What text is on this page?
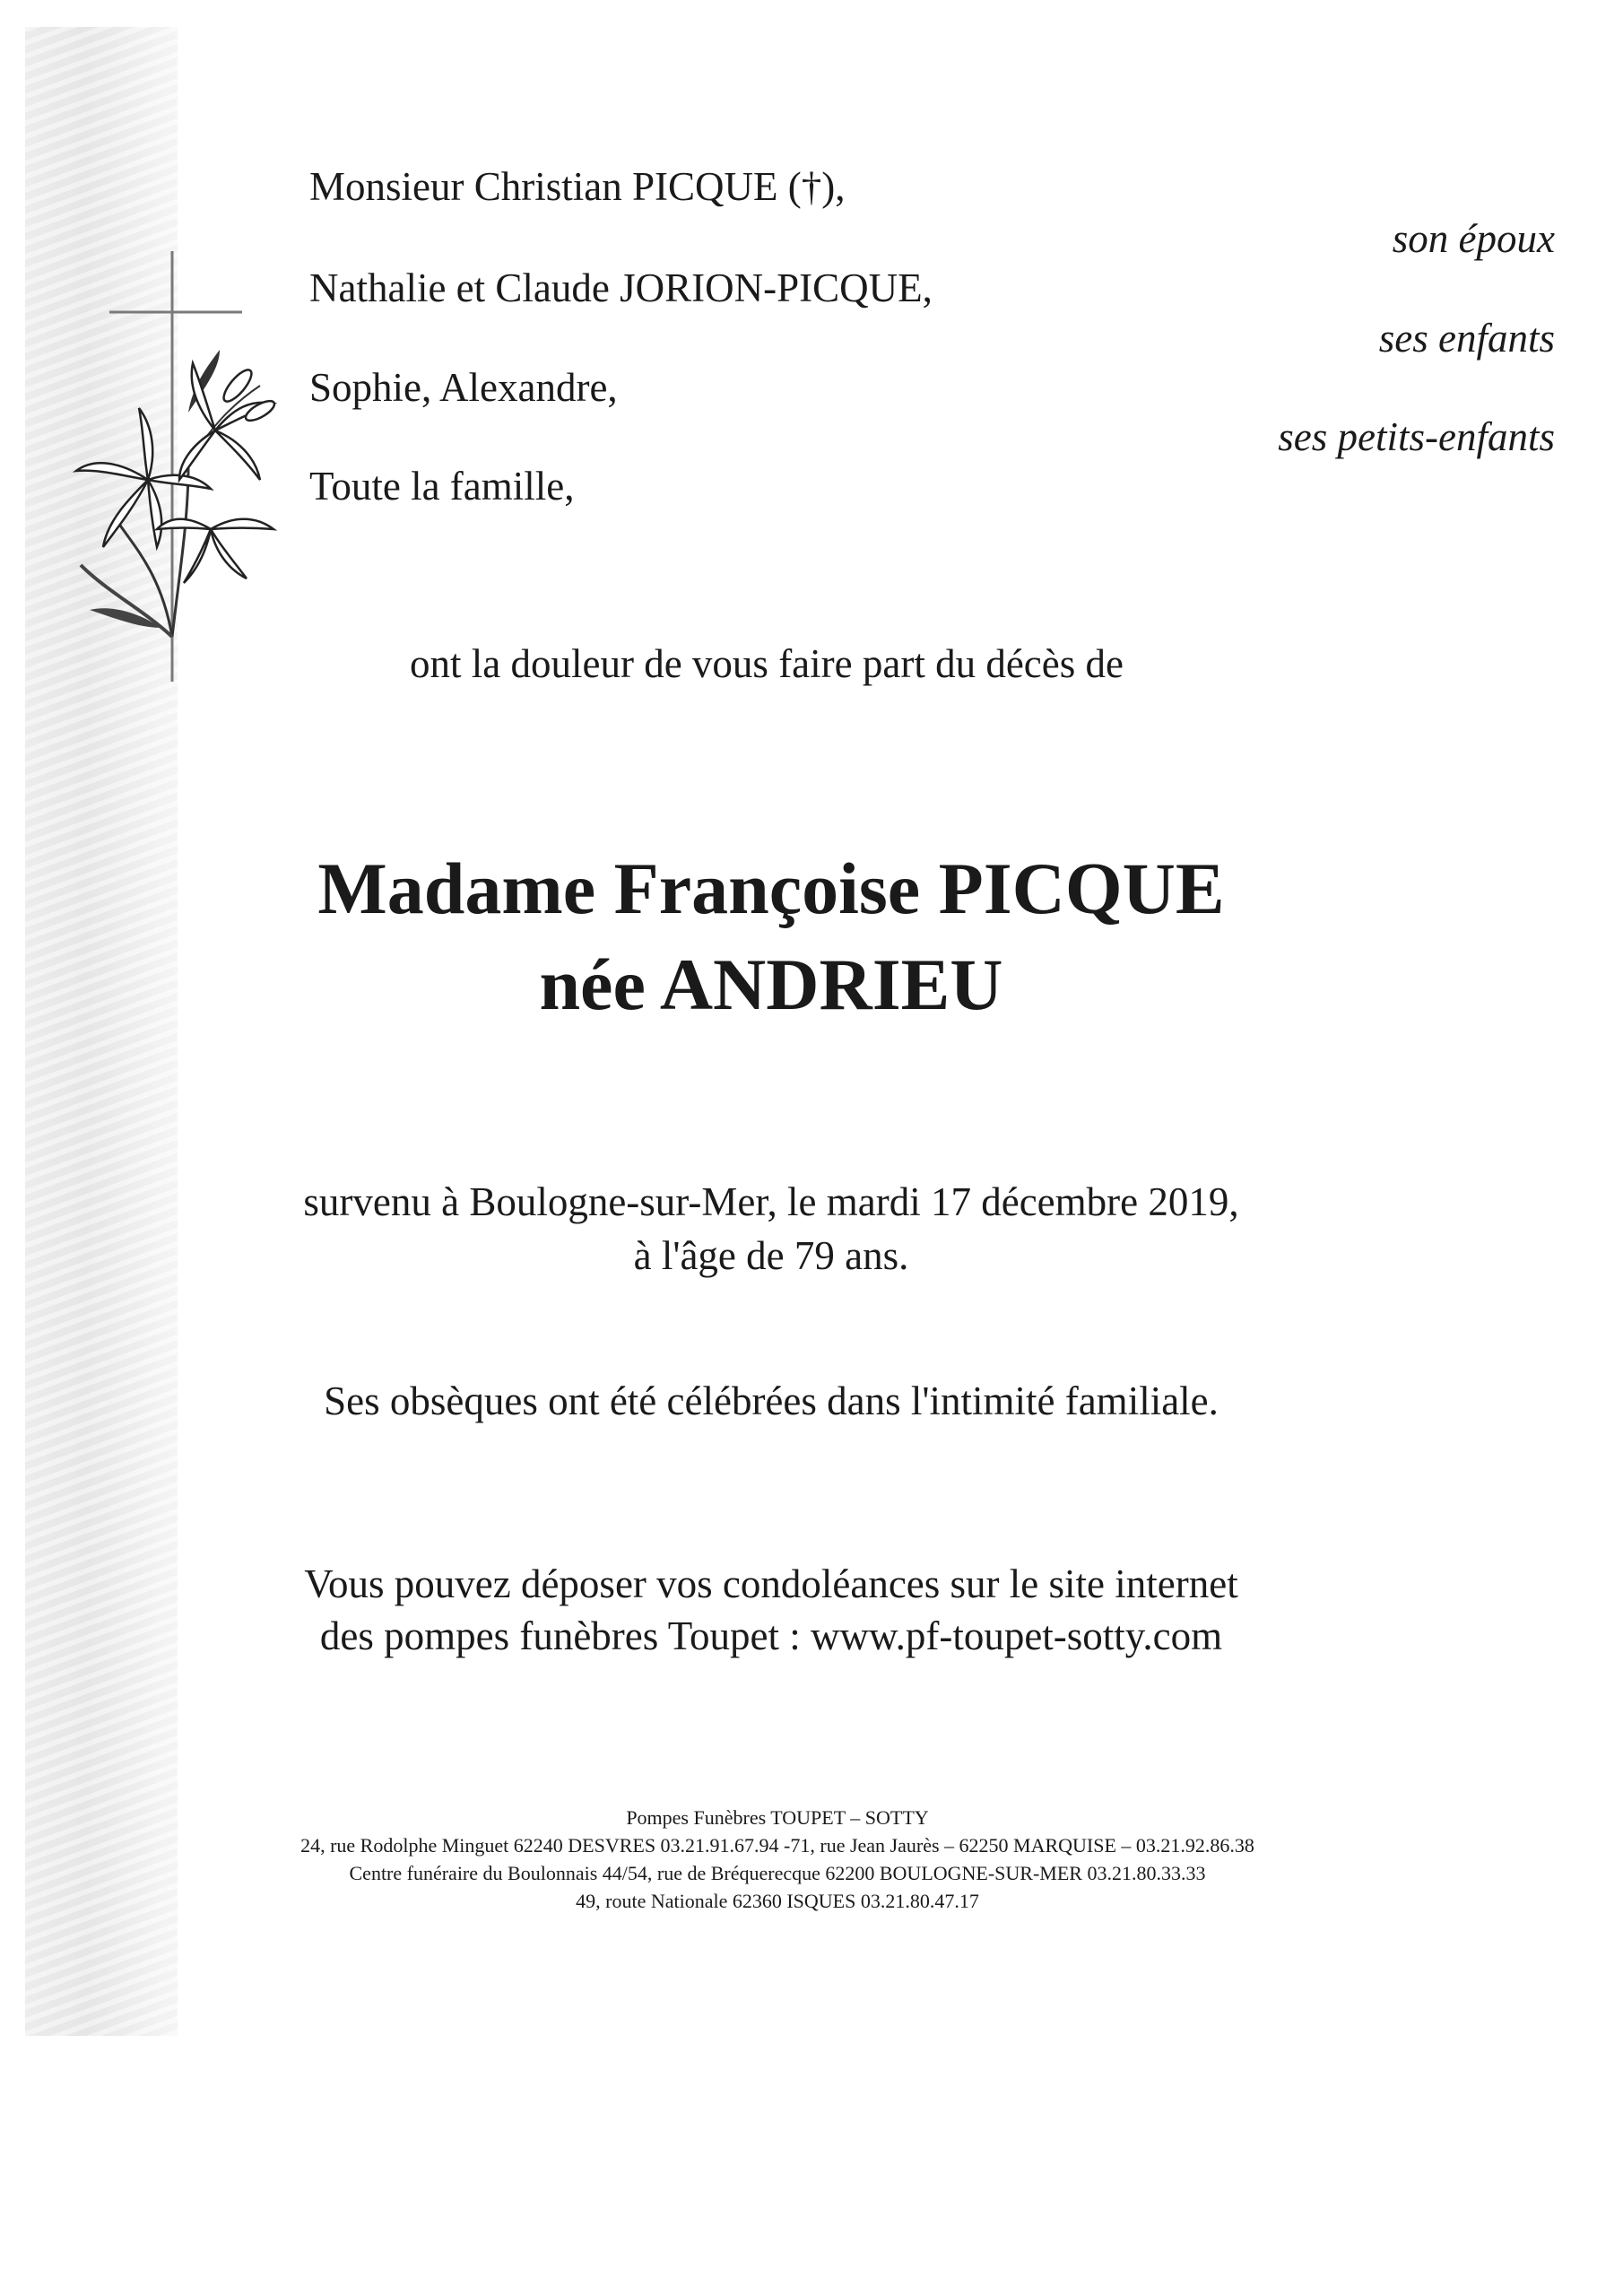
Monsieur Christian PICQUE (†),
son époux
Nathalie et Claude JORION-PICQUE,
ses enfants
Sophie, Alexandre,
ses petits-enfants
Toute la famille,
ont la douleur de vous faire part du décès de
Madame Françoise PICQUE
née ANDRIEU
survenu à Boulogne-sur-Mer, le mardi 17 décembre 2019,
à l'âge de 79 ans.
Ses obsèques ont été célébrées dans l'intimité familiale.
Vous pouvez déposer vos condoléances sur le site internet
des pompes funèbres Toupet : www.pf-toupet-sotty.com
Pompes Funèbres TOUPET – SOTTY
24, rue Rodolphe Minguet 62240 DESVRES 03.21.91.67.94 -71, rue Jean Jaurès – 62250 MARQUISE – 03.21.92.86.38
Centre funéraire du Boulonnais 44/54, rue de Bréquerecque 62200 BOULOGNE-SUR-MER 03.21.80.33.33
49, route Nationale 62360 ISQUES 03.21.80.47.17
